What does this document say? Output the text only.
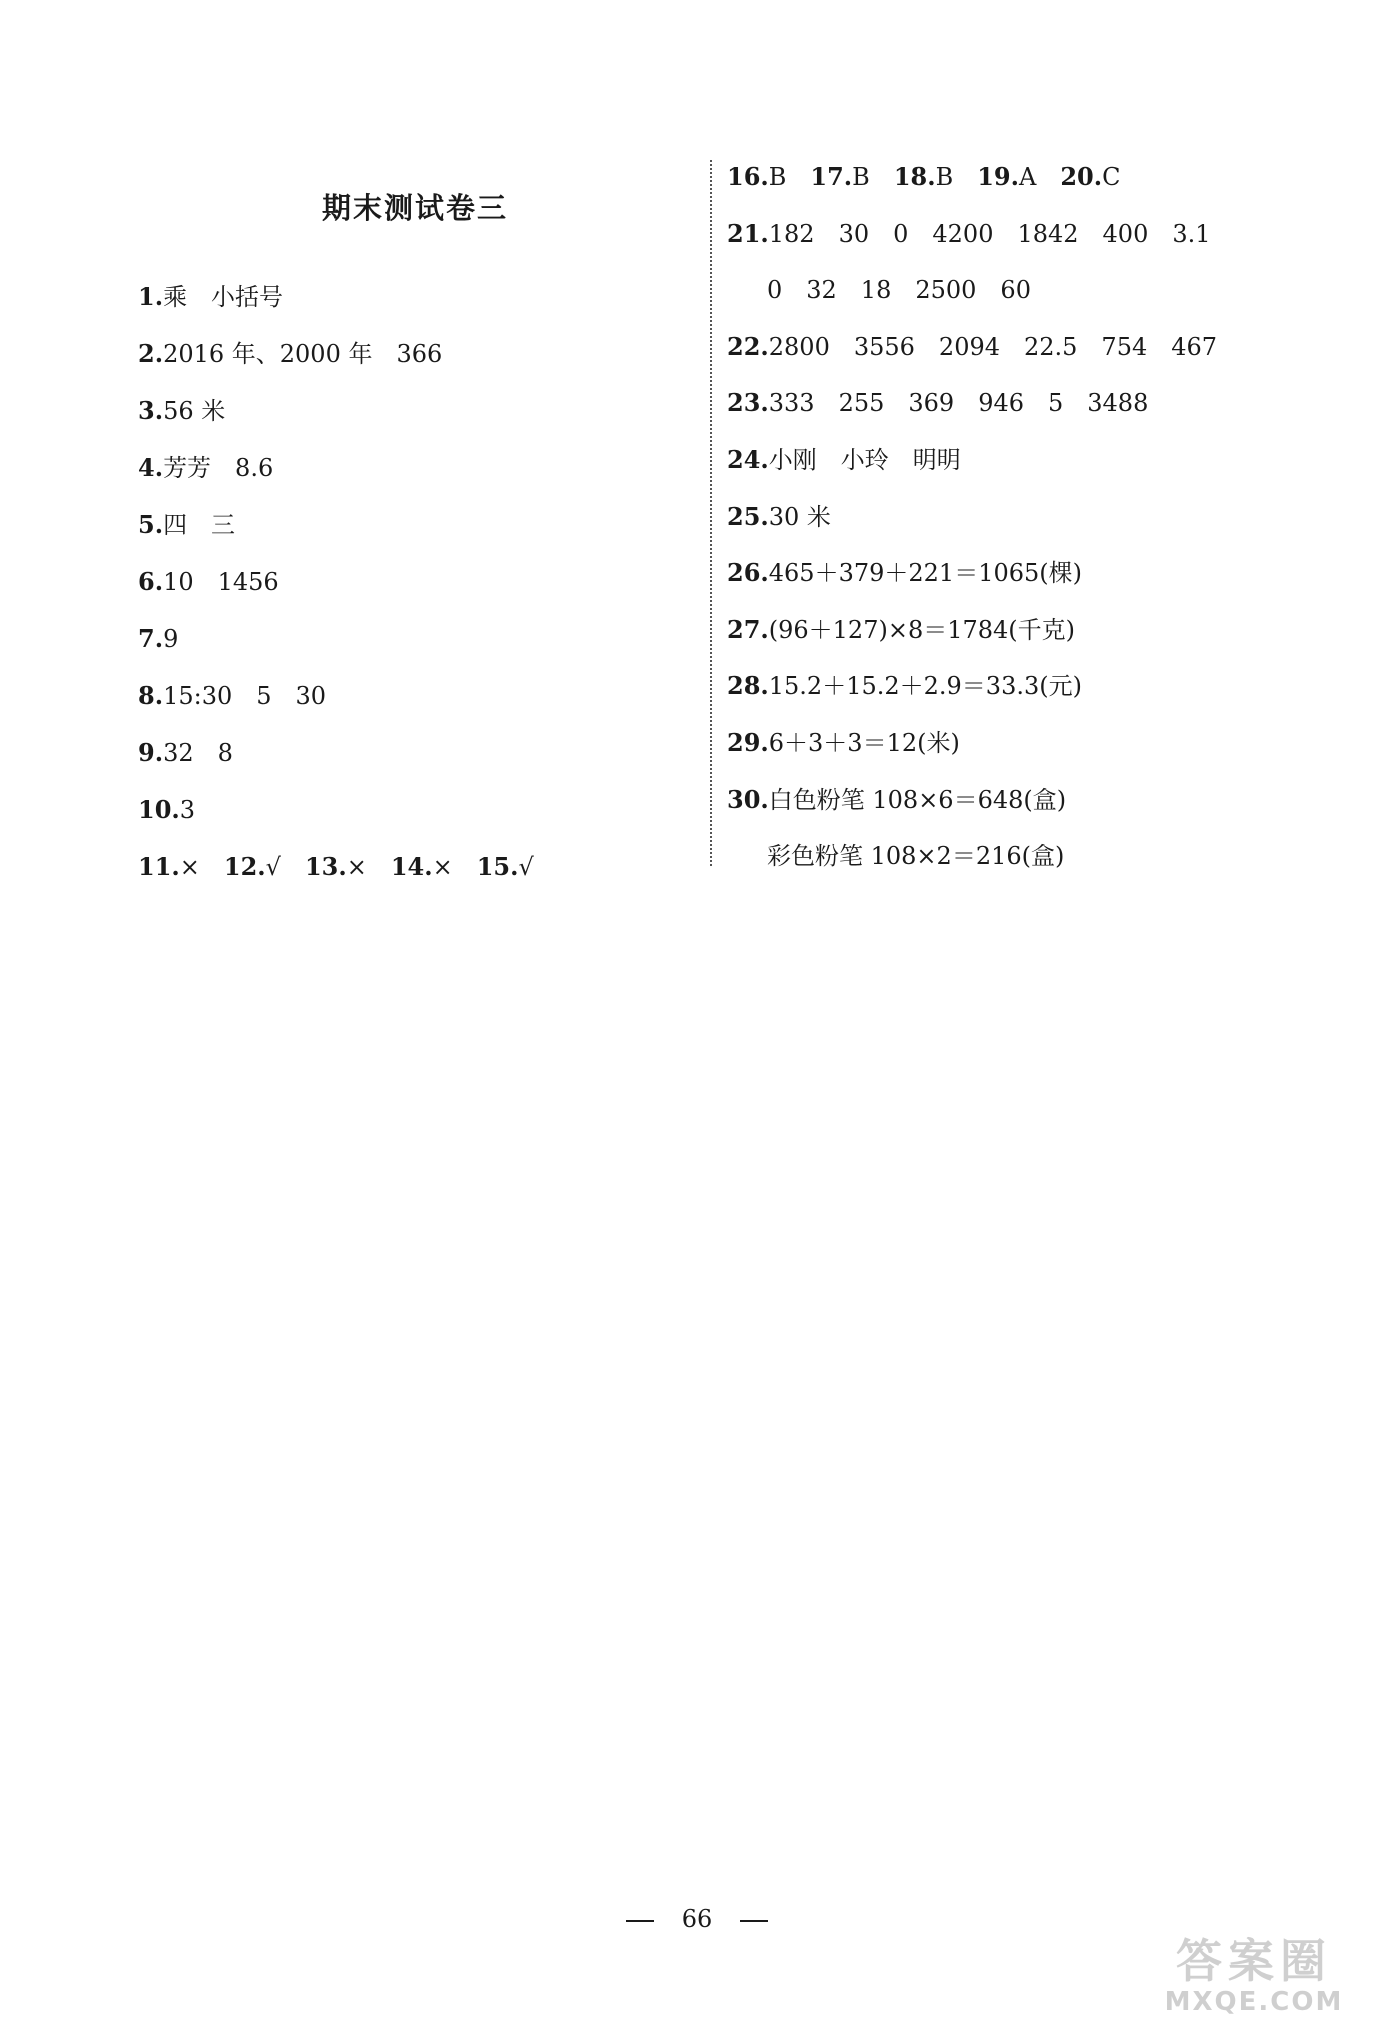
期末测试卷三
1.乘　小括号
2.2016 年、2000 年　366
3.56 米
4.芳芳　8.6
5.四　三
6.10　1456
7.9
8.15:30　5　30
9.32　8
10.3
11.×　 12.√　 13.×　 14.×　 15.√
16.B　 17.B　 18.B　 19.A　 20.C
21.182　30　0　4200　1842　400　3.1
0　32　18　2500　60
22.2800　3556　2094　22.5　754　467
23.333　255　369　946　5　3488
24.小刚　小玲　明明
25.30 米
26.465＋379＋221＝1065(棵)
27.(96＋127)×8＝1784(千克)
28.15.2＋15.2＋2.9＝33.3(元)
29.6＋3＋3＝12(米)
30.白色粉笔 108×6＝648(盒)
彩色粉笔 108×2＝216(盒)
66
答案圈
MXQE.COM
